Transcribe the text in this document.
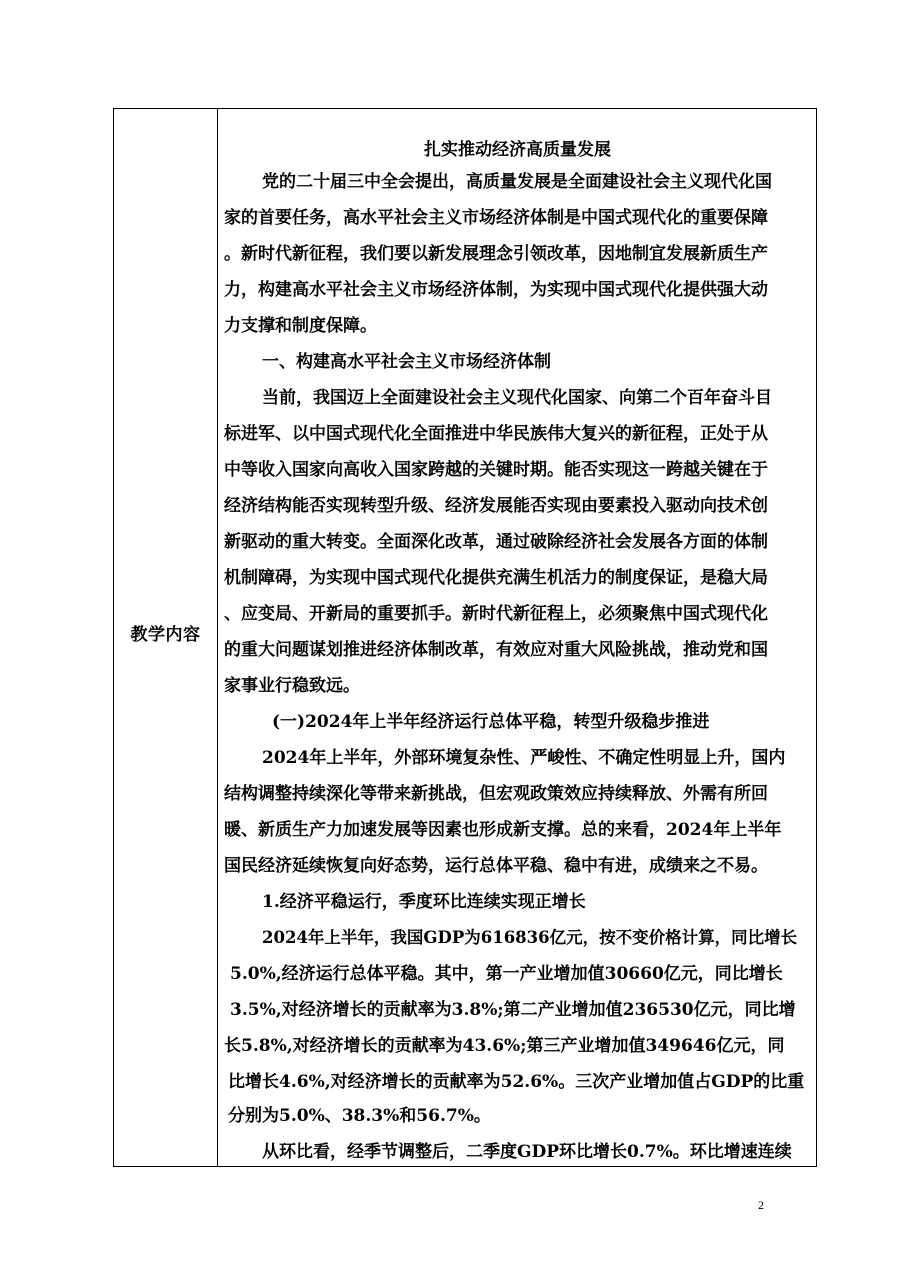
教学内容
扎实推动经济高质量发展
党的二十届三中全会提出，高质量发展是全面建设社会主义现代化国
家的首要任务，高水平社会主义市场经济体制是中国式现代化的重要保障
。新时代新征程，我们要以新发展理念引领改革，因地制宜发展新质生产
力，构建高水平社会主义市场经济体制，为实现中国式现代化提供强大动
力支撑和制度保障。
一、构建高水平社会主义市场经济体制
当前，我国迈上全面建设社会主义现代化国家、向第二个百年奋斗目
标进军、以中国式现代化全面推进中华民族伟大复兴的新征程，正处于从
中等收入国家向高收入国家跨越的关键时期。能否实现这一跨越关键在于
经济结构能否实现转型升级、经济发展能否实现由要素投入驱动向技术创
新驱动的重大转变。全面深化改革，通过破除经济社会发展各方面的体制
机制障碍，为实现中国式现代化提供充满生机活力的制度保证，是稳大局
、应变局、开新局的重要抓手。新时代新征程上，必须聚焦中国式现代化
的重大问题谋划推进经济体制改革，有效应对重大风险挑战，推动党和国
家事业行稳致远。
(一)2024年上半年经济运行总体平稳，转型升级稳步推进
2024年上半年，外部环境复杂性、严峻性、不确定性明显上升，国内
结构调整持续深化等带来新挑战，但宏观政策效应持续释放、外需有所回
暖、新质生产力加速发展等因素也形成新支撑。总的来看，2024年上半年
国民经济延续恢复向好态势，运行总体平稳、稳中有进，成绩来之不易。
1.经济平稳运行，季度环比连续实现正增长
2024年上半年，我国GDP为616836亿元，按不变价格计算，同比增长
5.0%,经济运行总体平稳。其中，第一产业增加值30660亿元，同比增长
3.5%,对经济增长的贡献率为3.8%;第二产业增加值236530亿元，同比增
长5.8%,对经济增长的贡献率为43.6%;第三产业增加值349646亿元，同
比增长4.6%,对经济增长的贡献率为52.6%。三次产业增加值占GDP的比重
分别为5.0%、38.3%和56.7%。
从环比看，经季节调整后，二季度GDP环比增长0.7%。环比增速连续
2
